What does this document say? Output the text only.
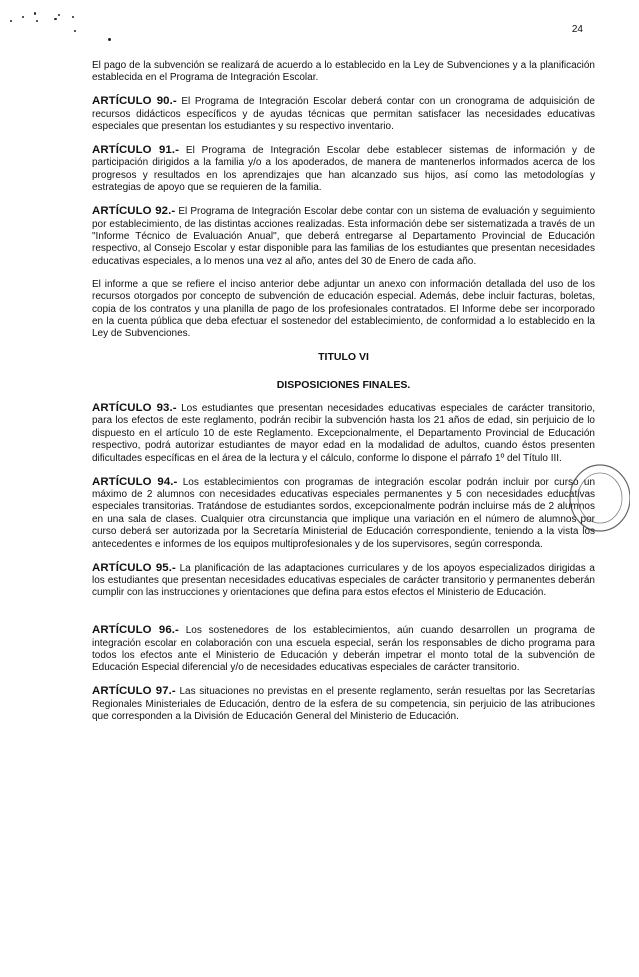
24

El pago de la subvención se realizará de acuerdo a lo establecido en la Ley de Subvenciones y a la planificación establecida en el Programa de Integración Escolar.

ARTÍCULO 90.- El Programa de Integración Escolar deberá contar con un cronograma de adquisición de recursos didácticos específicos y de ayudas técnicas que permitan satisfacer las necesidades educativas especiales que presentan los estudiantes y su respectivo inventario.

ARTÍCULO 91.- El Programa de Integración Escolar debe establecer sistemas de información y de participación dirigidos a la familia y/o a los apoderados, de manera de mantenerlos informados acerca de los progresos y resultados en los aprendizajes que han alcanzado sus hijos, así como las metodologías y estrategias de apoyo que se requieren de la familia.

ARTÍCULO 92.- El Programa de Integración Escolar debe contar con un sistema de evaluación y seguimiento por establecimiento, de las distintas acciones realizadas. Esta información debe ser sistematizada a través de un "Informe Técnico de Evaluación Anual", que deberá entregarse al Departamento Provincial de Educación respectivo, al Consejo Escolar y estar disponible para las familias de los estudiantes que presentan necesidades educativas especiales, a lo menos una vez al año, antes del 30 de Enero de cada año.

El informe a que se refiere el inciso anterior debe adjuntar un anexo con información detallada del uso de los recursos otorgados por concepto de subvención de educación especial. Además, debe incluir facturas, boletas, copia de los contratos y una planilla de pago de los profesionales contratados. El Informe debe ser incorporado en la cuenta pública que deba efectuar el sostenedor del establecimiento, de conformidad a lo establecido en la Ley de Subvenciones.

TITULO VI
DISPOSICIONES FINALES.

ARTÍCULO 93.- Los estudiantes que presentan necesidades educativas especiales de carácter transitorio, para los efectos de este reglamento, podrán recibir la subvención hasta los 21 años de edad, sin perjuicio de lo dispuesto en el artículo 10 de este Reglamento. Excepcionalmente, el Departamento Provincial de Educación respectivo, podrá autorizar estudiantes de mayor edad en la modalidad de adultos, cuando éstos presenten dificultades específicas en el área de la lectura y el cálculo, conforme lo dispone el párrafo 1º del Título III.

ARTÍCULO 94.- Los establecimientos con programas de integración escolar podrán incluir por curso un máximo de 2 alumnos con necesidades educativas especiales permanentes y 5 con necesidades educativas especiales transitorias. Tratándose de estudiantes sordos, excepcionalmente podrán incluirse más de 2 alumnos en una sala de clases. Cualquier otra circunstancia que implique una variación en el número de alumnos por curso deberá ser autorizada por la Secretaría Ministerial de Educación correspondiente, teniendo a la vista los antecedentes e informes de los equipos multiprofesionales y de los supervisores, según corresponda.

ARTÍCULO 95.- La planificación de las adaptaciones curriculares y de los apoyos especializados dirigidas a los estudiantes que presentan necesidades educativas especiales de carácter transitorio y permanentes deberán cumplir con las instrucciones y orientaciones que defina para estos efectos el Ministerio de Educación.

ARTÍCULO 96.- Los sostenedores de los establecimientos, aún cuando desarrollen un programa de integración escolar en colaboración con una escuela especial, serán los responsables de dicho programa para todos los efectos ante el Ministerio de Educación y deberán impetrar el monto total de la subvención de Educación Especial diferencial y/o de necesidades educativas especiales de carácter transitorio.

ARTÍCULO 97.- Las situaciones no previstas en el presente reglamento, serán resueltas por las Secretarías Regionales Ministeriales de Educación, dentro de la esfera de su competencia, sin perjuicio de las atribuciones que corresponden a la División de Educación General del Ministerio de Educación.
